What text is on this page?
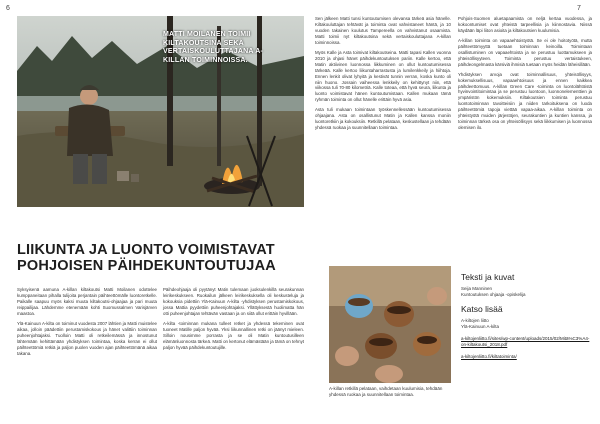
6	7
MATTI MOILANEN TOIMII KILTAKOUTSINA SEKÄ VERTAISKOULUTTAJANA A-KILLAN TOIMINNOISSA.
LIIKUNTA JA LUONTO VOIMISTAVAT
POHJOISEN PÄIHDEKUNTOUTUJAA

Syksyisenä aamuna A-killan kiltakoutsi Matti Moilanen odottelee kumppaneitaan pihalla tulijoita perjantain päihteettömälle luontoretkelle. Paikalle saapuu myös kaksi muuta kiltakoutsi-ohjaajaa ja pari muuta reippailijaa. Lähdemme etenemään kohti Suomussalmen Varisjärven maastoa.

Ylä-Kainuun A-kilta on toiminut vuodesta 2007 lähtien ja Matti muistelee aikaa, jolloin päädettiin perustamiskokous ja hänet valittiin toiminnan puheenjohtajaksi. Tuolloin Matti oli retkeilemässä ja innostunut lähtemään kehittämään yhdistyksen toimintaa, koska kerran ei ollut päihteettömiä retkiä ja paljon puolen vuoden ajan päihteettömänä aikaa takana.

Päihdeohjaaja oli pyytänyt Matin tulemaan juoksulenkillä seurakunnan leirikeskukseen. Ruokailun jälkeen leirikeskuksella oli keskusteluja ja kokouksia pidettiin Ylä-Kainuun A-kilta -yhdistyksen perustamiskokous, jossa Mattia pyydettiin puheenjohtajaksi. Yllättyksestä huolimatta hän otti puheenjohtajan tehtävän vastaan ja on siitä ollut erittäin hyvillään.

A-kilta -toiminnan mukana tulleet retket ja yhdessä tekeminen ovat tuoneet Matille paljon hyvää. Yksi liikunnallinen retki on jäänyt mieleen. Silloin nousimme porrasta ja se oli Matin kuntoutusilleen elämänluonnosta tärkeä. Matti on kertonut elämästään ja tämä on tehnyt paljon hyvää päihdekuntoutujille.

Sen jälkeen Matti tunsi kuntoutumisen olevansa tärkeä asia hänelle. Kiltakouluttajan tehtävät ja toiminta ovat vahvistaneet häntä, ja 10 vuoden takainen koulutus Tampereella on vahvistanut osaamista. Matti toimii nyt kiltakoutsina sekä vertaiskouluttajana A-killan toiminnoissa.

Myös Kalle ja Asta toimivat kiltakoutseina. Matti tapasi Kallen vuonna 2010 ja ohjasi hänet päihdekuntoutuksen pariin. Kalle kertoo, että Matin aktiivinen luonnossa liikkuminen on ollut kuntoutumisessa tärkeää. Kalle kertoo liikuntaharrastusta ja lumilenkkeily ja hiihtoja. Ennen lenkit olivat lyhyitä ja kestivät tunnin verran, koska kunto oli niin huono. Jossain vaiheessa lenkkeily on kehittynyt niin, että viikossa tuli 70-80 kilometriä. Kalle toteaa, että hyvä seura, liikunta ja luonto voimistavat hänen kuntoutumistaan. Kallen mukaan tämä ryhmän toiminta on ollut hänelle erittäin hyvä asia.

Asta tuli mukaan toimintaan työskennellessään kuntoutumisessa ohjaajana. Asta on osallistunut Matin ja Kallen kanssa moniin luontoretkiin ja kokouksiin. Retkillä pelataan, keskustellaan ja tehdään yhdessä ruokaa ja suunnitellaan toimintaa.

Pohjois-Suomen aluetapaamista on neljä kertaa vuodessa, ja kokoontumiset ovat yhteistä tarpeellisia ja kiinnostavia. Niissä käydään läpi liiton asioita ja kiltakoutsien kuulumisia.

A-killan toiminta on vapaaehtoistyötä. Se ei ole hoitotyötä, mutta päihteettömyyttä tuetaan toiminnan keinoilla. Toimintaan osallistuminen on vapaaehtoista ja se perustuu luottamukseen ja yhteisöllisyyteen. Toiminta perustuu vertaistukeen, päihdeongelmasta kärsiviä ihmisiä tuetaan myös heidän läheisillään.

Yhdistyksen arvoja ovat toiminnallisuus, yhteisöllisyys, kokemuksellisuus, vapaaehtoisuus ja ennen kaikkea päihdeettomuus. A-killan Green Care -toiminta on luontolähtöistä hyvinvointitoimintaa ja se perustuu luontoon, luonnonelementtien ja ympäristön kokemuksiin. Kiltakoutsien toiminta perustuu luontotoiminnan tavoitteisiin ja niiden tarkoituksena on luoda päihteettömiä tapoja viettää vapaa-aikaa. A-killan toiminta on yhteistyötä muiden järjestöjen, seurakuntien ja kuntien kanssa, ja toiminnan tärkeä osa on yhteisöllisyys sekä liikkumisen ja luonnossa olemisen ilo.

A-killan retkillä pelataan, vaihdetaan kuulumisia, tehdään yhdessä ruokaa ja suunnitellaan toimintaa.

Teksti ja kuvat

Seija Manninen

Kuntoutuksen ohjaaja -opiskelija

Katso lisää

A-kiltojen liitto

Ylä-Kainuun A-kilta

a-kiltojenliitto.fi/sites/wp-content/uploads/2015/02/Mitä%C3%A4-on-kiltakoutsi_2018.pdf

a-kiltojenliitto.fi/kiltatoiminta/
